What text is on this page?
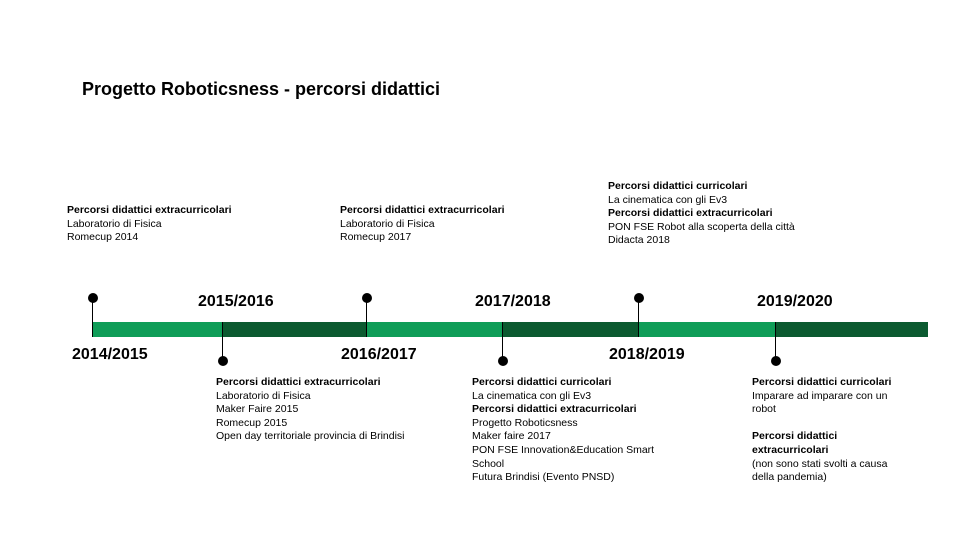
Progetto Roboticsness - percorsi didattici
2014/2015
2015/2016
2016/2017
2017/2018
2018/2019
2019/2020
Percorsi didattici extracurricolari
Laboratorio di Fisica
Romecup 2014
Percorsi didattici extracurricolari
Laboratorio di Fisica
Maker Faire 2015
Romecup 2015
Open day territoriale provincia di Brindisi
Percorsi didattici extracurricolari
Laboratorio di Fisica
Romecup 2017
Percorsi didattici curricolari
La cinematica con gli Ev3
Percorsi didattici extracurricolari
Progetto Roboticsness
Maker faire 2017
PON FSE Innovation&Education Smart School
Futura Brindisi (Evento PNSD)
Percorsi didattici curricolari
La cinematica con gli Ev3
Percorsi didattici extracurricolari
PON FSE Robot alla scoperta della città
Didacta 2018
Percorsi didattici curricolari
Imparare ad imparare con un robot
Percorsi didattici extracurricolari
(non sono stati svolti a causa della pandemia)
